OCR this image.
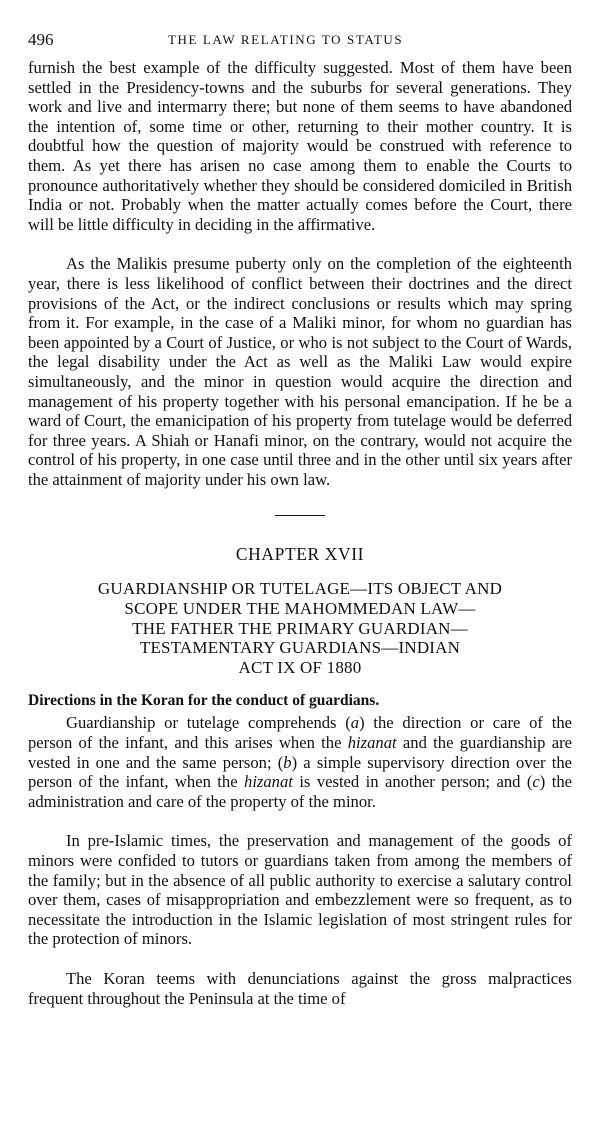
496	THE LAW RELATING TO STATUS

furnish the best example of the difficulty suggested. Most of them have been settled in the Presidency-towns and the suburbs for several generations. They work and live and intermarry there; but none of them seems to have abandoned the intention of, some time or other, returning to their mother country. It is doubtful how the question of majority would be construed with reference to them. As yet there has arisen no case among them to enable the Courts to pronounce authoritatively whether they should be considered domiciled in British India or not. Probably when the matter actually comes before the Court, there will be little difficulty in deciding in the affirmative.

As the Malikis presume puberty only on the completion of the eighteenth year, there is less likelihood of conflict between their doctrines and the direct provisions of the Act, or the indirect conclusions or results which may spring from it. For example, in the case of a Maliki minor, for whom no guardian has been appointed by a Court of Justice, or who is not subject to the Court of Wards, the legal disability under the Act as well as the Maliki Law would expire simultaneously, and the minor in question would acquire the direction and management of his property together with his personal emancipation. If he be a ward of Court, the emanicipation of his property from tutelage would be deferred for three years. A Shiah or Hanafi minor, on the contrary, would not acquire the control of his property, in one case until three and in the other until six years after the attainment of majority under his own law.

CHAPTER XVII
GUARDIANSHIP OR TUTELAGE—ITS OBJECT AND
SCOPE UNDER THE MAHOMMEDAN LAW—
THE FATHER THE PRIMARY GUARDIAN—
TESTAMENTARY GUARDIANS—INDIAN
ACT IX OF 1880
Directions in the Koran for the conduct of guardians.

Guardianship or tutelage comprehends (a) the direction or care of the person of the infant, and this arises when the hizanat and the guardianship are vested in one and the same person; (b) a simple supervisory direction over the person of the infant, when the hizanat is vested in another person; and (c) the administration and care of the property of the minor.

In pre-Islamic times, the preservation and management of the goods of minors were confided to tutors or guardians taken from among the members of the family; but in the absence of all public authority to exercise a salutary control over them, cases of misappropriation and embezzlement were so frequent, as to necessitate the introduction in the Islamic legislation of most stringent rules for the protection of minors.

The Koran teems with denunciations against the gross malpractices frequent throughout the Peninsula at the time of
